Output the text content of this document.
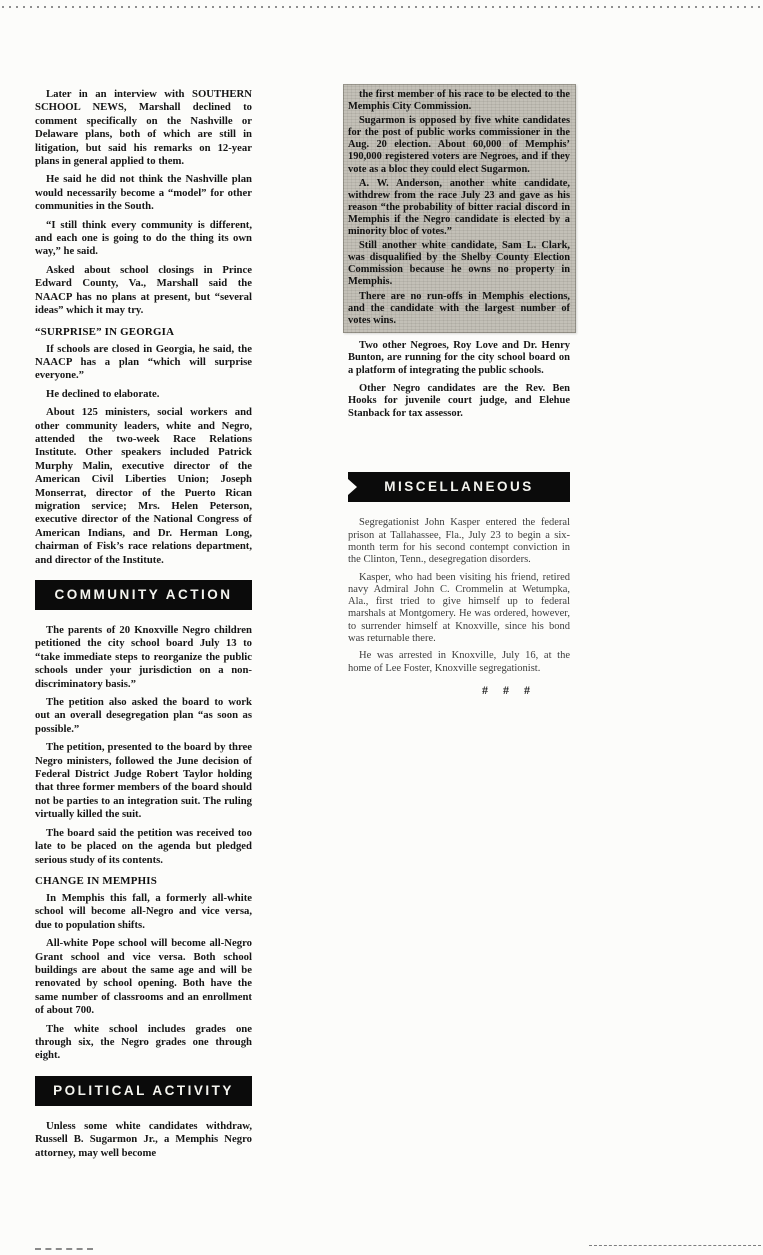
Later in an interview with SOUTHERN SCHOOL NEWS, Marshall declined to comment specifically on the Nashville or Delaware plans, both of which are still in litigation, but said his remarks on 12-year plans in general applied to them.

He said he did not think the Nashville plan would necessarily become a “model” for other communities in the South.

“I still think every community is different, and each one is going to do the thing its own way,” he said.

Asked about school closings in Prince Edward County, Va., Marshall said the NAACP has no plans at present, but “several ideas” which it may try.

“SURPRISE” IN GEORGIA

If schools are closed in Georgia, he said, the NAACP has a plan “which will surprise everyone.”

He declined to elaborate.

About 125 ministers, social workers and other community leaders, white and Negro, attended the two-week Race Relations Institute. Other speakers included Patrick Murphy Malin, executive director of the American Civil Liberties Union; Joseph Monserrat, director of the Puerto Rican migration service; Mrs. Helen Peterson, executive director of the National Congress of American Indians, and Dr. Herman Long, chairman of Fisk’s race relations department, and director of the Institute.

COMMUNITY ACTION

The parents of 20 Knoxville Negro children petitioned the city school board July 13 to “take immediate steps to reorganize the public schools under your jurisdiction on a non-discriminatory basis.”

The petition also asked the board to work out an overall desegregation plan “as soon as possible.”

The petition, presented to the board by three Negro ministers, followed the June decision of Federal District Judge Robert Taylor holding that three former members of the board should not be parties to an integration suit. The ruling virtually killed the suit.

The board said the petition was received too late to be placed on the agenda but pledged serious study of its contents.

CHANGE IN MEMPHIS

In Memphis this fall, a formerly all-white school will become all-Negro and vice versa, due to population shifts.

All-white Pope school will become all-Negro Grant school and vice versa. Both school buildings are about the same age and will be renovated by school opening. Both have the same number of classrooms and an enrollment of about 700.

The white school includes grades one through six, the Negro grades one through eight.

POLITICAL ACTIVITY

Unless some white candidates withdraw, Russell B. Sugarmon Jr., a Memphis Negro attorney, may well become

the first member of his race to be elected to the Memphis City Commission.

Sugarmon is opposed by five white candidates for the post of public works commissioner in the Aug. 20 election. About 60,000 of Memphis’ 190,000 registered voters are Negroes, and if they vote as a bloc they could elect Sugarmon.

A. W. Anderson, another white candidate, withdrew from the race July 23 and gave as his reason “the probability of bitter racial discord in Memphis if the Negro candidate is elected by a minority bloc of votes.”

Still another white candidate, Sam L. Clark, was disqualified by the Shelby County Election Commission because he owns no property in Memphis.

There are no run-offs in Memphis elections, and the candidate with the largest number of votes wins.

Two other Negroes, Roy Love and Dr. Henry Bunton, are running for the city school board on a platform of integrating the public schools.

Other Negro candidates are the Rev. Ben Hooks for juvenile court judge, and Elehue Stanback for tax assessor.

MISCELLANEOUS

Segregationist John Kasper entered the federal prison at Tallahassee, Fla., July 23 to begin a six-month term for his second contempt conviction in the Clinton, Tenn., desegregation disorders.

Kasper, who had been visiting his friend, retired navy Admiral John C. Crommelin at Wetumpka, Ala., first tried to give himself up to federal marshals at Montgomery. He was ordered, however, to surrender himself at Knoxville, since his bond was returnable there.

He was arrested in Knoxville, July 16, at the home of Lee Foster, Knoxville segregationist.

# # #
